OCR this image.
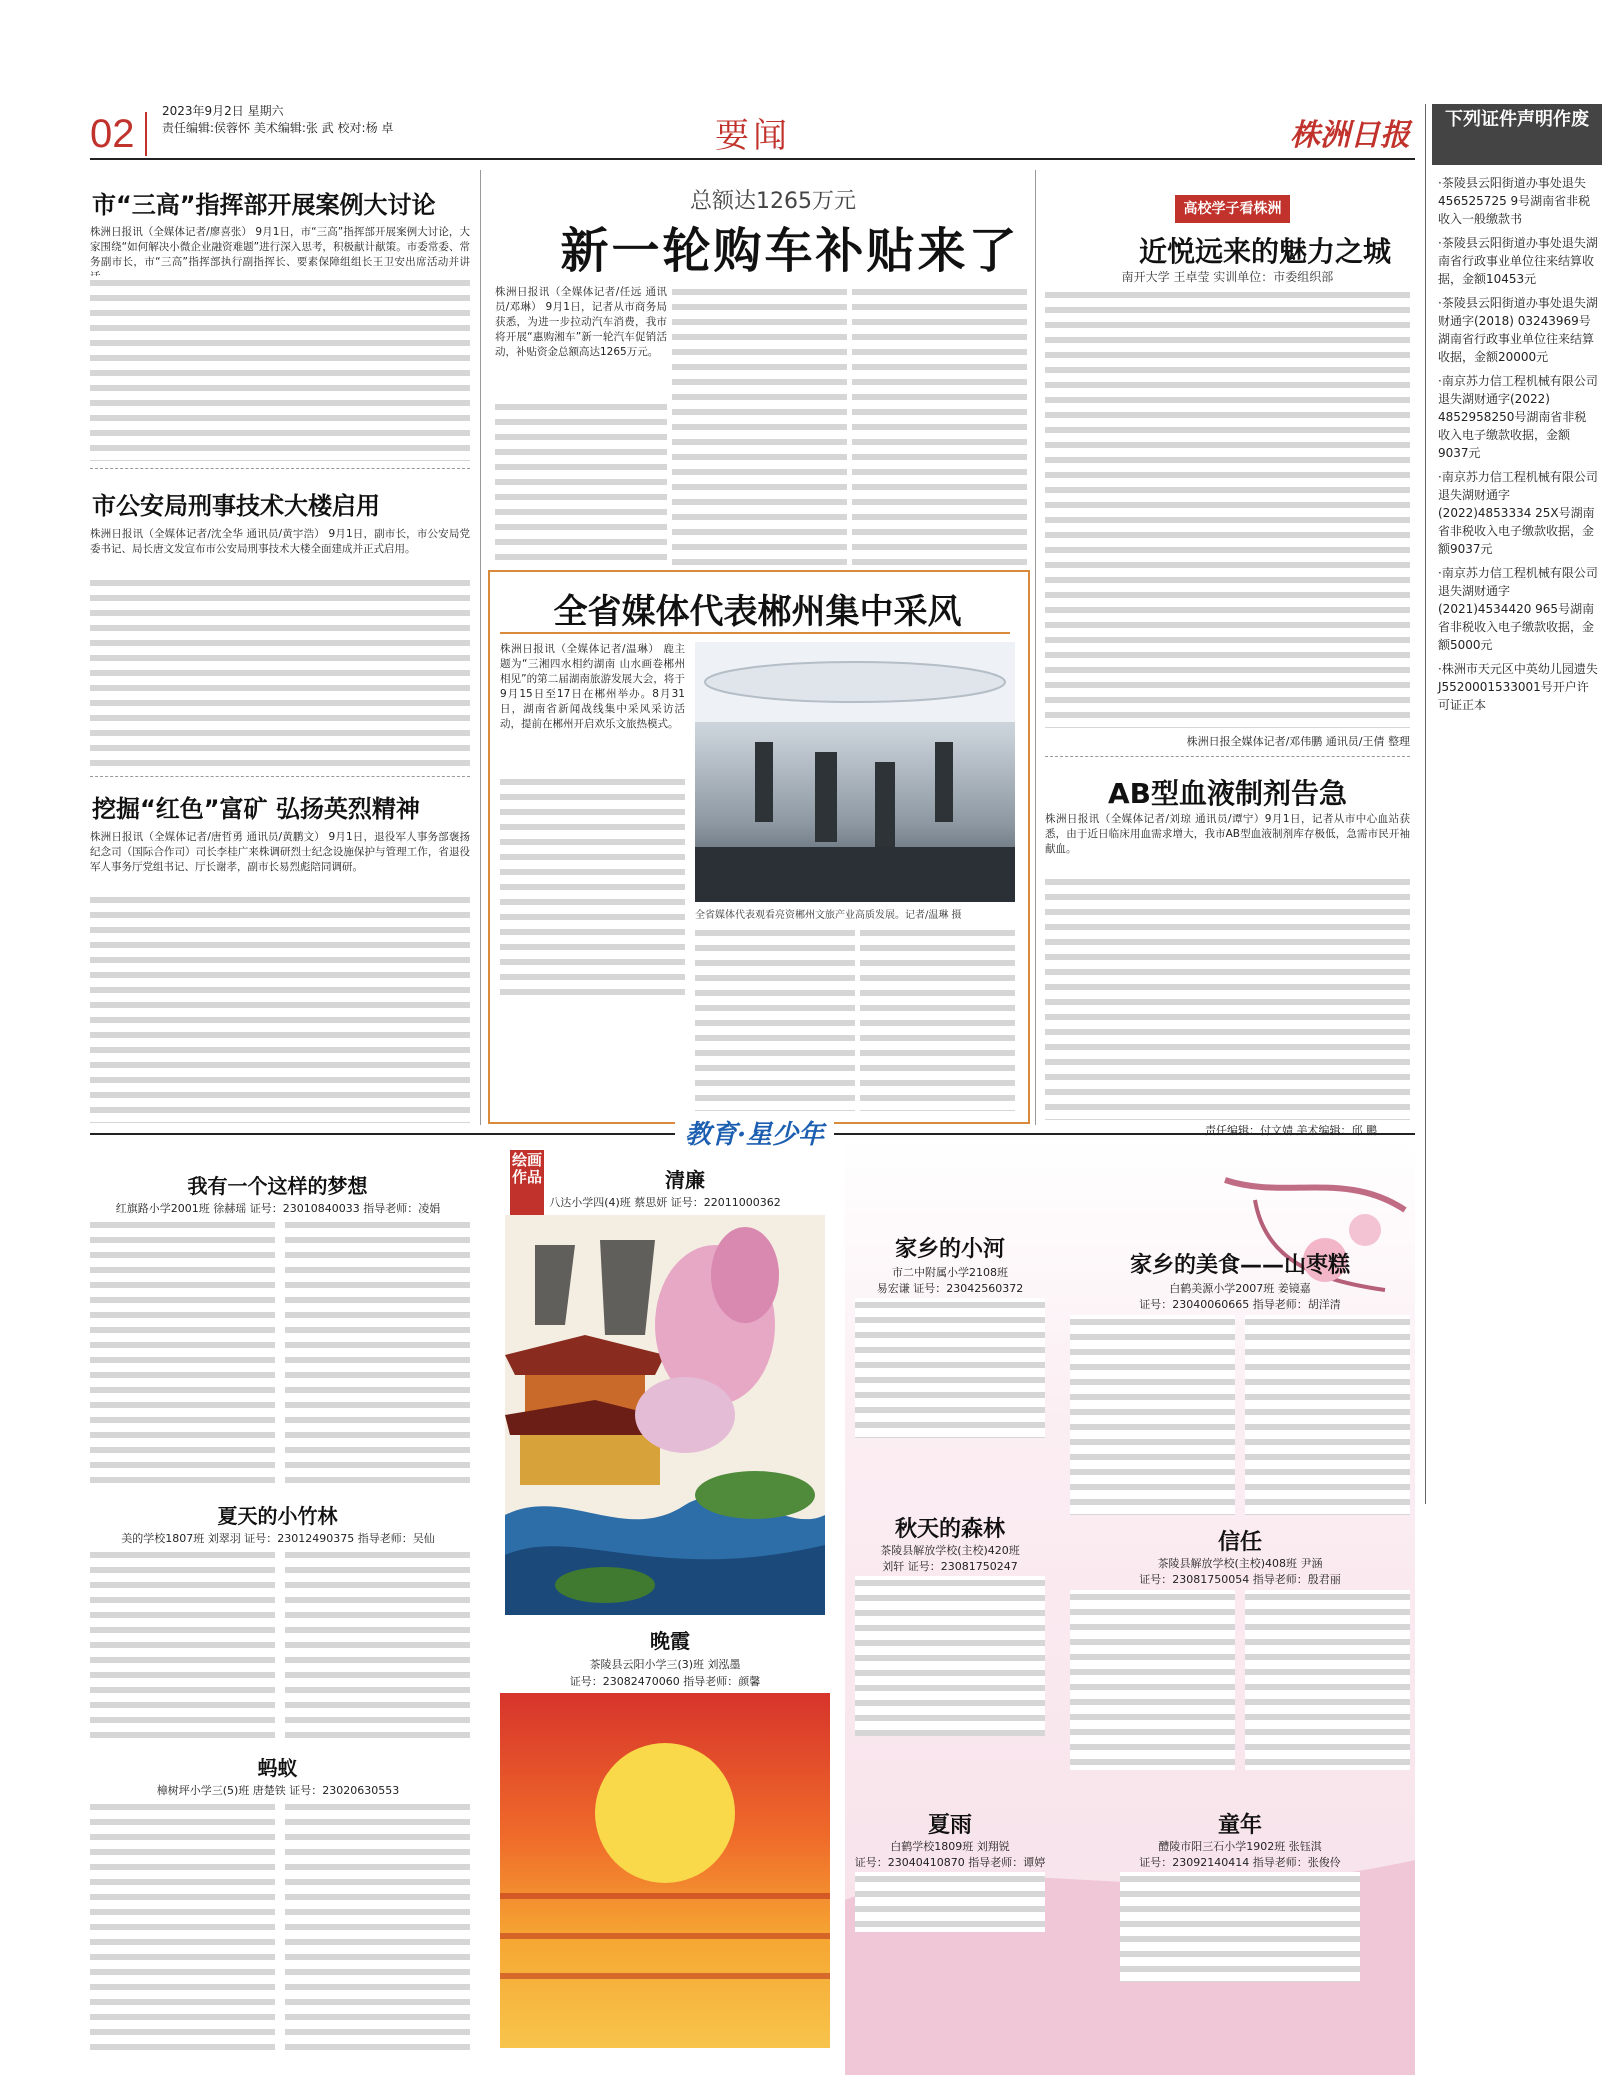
02
2023年9月2日 星期六
责任编辑:侯蓉怀 美术编辑:张 武 校对:杨 卓	要闻	株洲日报	下列证件声明作废
·茶陵县云阳街道办事处退失456525725 9号湖南省非税收入一般缴款书
·茶陵县云阳街道办事处退失湖南省行政事业单位往来结算收据，金额10453元
·茶陵县云阳街道办事处退失湖财通字(2018) 03243969号湖南省行政事业单位往来结算收据，金额20000元
·南京苏力信工程机械有限公司退失湖财通字(2022) 4852958250号湖南省非税收入电子缴款收据，金额9037元
·南京苏力信工程机械有限公司退失湖财通字(2022)4853334 25X号湖南省非税收入电子缴款收据，金额9037元
·南京苏力信工程机械有限公司退失湖财通字(2021)4534420 965号湖南省非税收入电子缴款收据，金额5000元
·株洲市天元区中英幼儿园遗失J5520001533001号开户许可证正本
市“三高”指挥部开展案例大讨论
株洲日报讯（全媒体记者/廖喜张） 9月1日，市“三高”指挥部开展案例大讨论，大家围绕“如何解决小微企业融资难题”进行深入思考，积极献计献策。市委常委、常务副市长，市“三高”指挥部执行副指挥长、要素保障组组长王卫安出席活动并讲
市公安局刑事技术大楼启用
株洲日报讯（全媒体记者/沈全华 通讯员/黄宇浩） 9月1日，副市长，市公安局党委书记、局长唐文发宣布市公安局刑事技术大楼全面建成并正式启用。
挖掘“红色”富矿 弘扬英烈精神
株洲日报讯（全媒体记者/唐哲勇 通讯员/黄鹏文） 9月1日，退役军人事务部褒扬纪念司（国际合作司）司长李桂广来株调研烈士纪念设施保护与管理工作，省退役军人事务厅党组书记、厅长谢孝，副市长易烈彪陪同调研。
总额达1265万元
新一轮购车补贴来了
株洲日报讯（全媒体记者/任远 通讯员/邓琳） 9月1日，记者从市商务局获悉，为进一步拉动汽车消费，我市将开展“惠购湘车”新一轮汽车促销活动，补贴资金总额高达1265万元。
全省媒体代表郴州集中采风
株洲日报讯（全媒体记者/温琳） 鹿主题为“三湘四水相约湖南 山水画卷郴州相见”的第二届湖南旅游发展大会，将于9月15日至17日在郴州举办。8月31日，湖南省新闻战线集中采风采访活动，提前在郴州开启欢乐文旅热模式。
全省媒体代表观看亮资郴州文旅产业高质发展。记者/温琳 摄
高校学子看株洲
近悦远来的魅力之城
南开大学 王卓莹 实训单位：市委组织部
株洲日报全媒体记者/邓伟鹏 通讯员/王倩 整理
AB型血液制剂告急
株洲日报讯（全媒体记者/刘琼 通讯员/谭宁）9月1日，记者从市中心血站获悉，由于近日临床用血需求增大，我市AB型血液制剂库存极低，急需市民开袖献血。
教育·星少年	责任编辑：付文婧 美术编辑：邱 鹏
我有一个这样的梦想
红旗路小学2001班 徐赫瑶 证号：23010840033 指导老师：凌娟
夏天的小竹林
美的学校1807班 刘翠羽 证号：23012490375 指导老师：吴仙
蚂蚁
樟树坪小学三(5)班 唐楚铁 证号：23020630553
绘画作品	清廉
八达小学四(4)班 蔡思妍 证号：22011000362
晚霞
茶陵县云阳小学三(3)班 刘泓墨
证号：23082470060 指导老师：颜馨
家乡的小河
市二中附属小学2108班
易宏谦 证号：23042560372
秋天的森林
茶陵县解放学校(主校)420班
刘轩 证号：23081750247
夏雨
白鹤学校1809班 刘翔锐
证号：23040410870 指导老师：谭婷
家乡的美食——山枣糕
白鹤美源小学2007班 姜镜嘉
证号：23040060665 指导老师：胡洋清
信任
茶陵县解放学校(主校)408班 尹涵
证号：23081750054 指导老师：殷君丽
童年
醴陵市阳三石小学1902班 张钰淇
证号：23092140414 指导老师：张俊伶
